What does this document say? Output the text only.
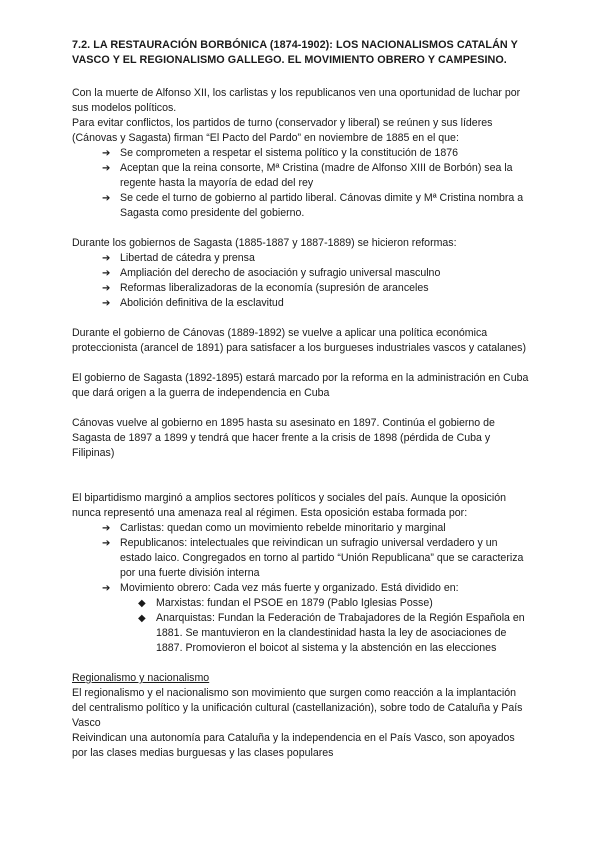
7.2. LA RESTAURACIÓN BORBÓNICA (1874-1902): LOS NACIONALISMOS CATALÁN Y VASCO Y EL REGIONALISMO GALLEGO. EL MOVIMIENTO OBRERO Y CAMPESINO.

Con la muerte de Alfonso XII, los carlistas y los republicanos ven una oportunidad de luchar por sus modelos políticos.

Para evitar conflictos, los partidos de turno (conservador y liberal) se reúnen y sus líderes (Cánovas y Sagasta) firman “El Pacto del Pardo” en noviembre de 1885 en el que:

➔ Se comprometen a respetar el sistema político y la constitución de 1876
➔ Aceptan que la reina consorte, Mª Cristina (madre de Alfonso XIII de Borbón) sea la regente hasta la mayoría de edad del rey
➔ Se cede el turno de gobierno al partido liberal. Cánovas dimite y Mª Cristina nombra a Sagasta como presidente del gobierno.

Durante los gobiernos de Sagasta (1885-1887 y 1887-1889) se hicieron reformas:

➔ Libertad de cátedra y prensa
➔ Ampliación del derecho de asociación y sufragio universal masculno
➔ Reformas liberalizadoras de la economía (supresión de aranceles
➔ Abolición definitiva de la esclavitud

Durante el gobierno de Cánovas (1889-1892) se vuelve a aplicar una política económica proteccionista (arancel de 1891) para satisfacer a los burgueses industriales vascos y catalanes)

El gobierno de Sagasta (1892-1895) estará marcado por la reforma en la administración en Cuba que dará origen a la guerra de independencia en Cuba

Cánovas vuelve al gobierno en 1895 hasta su asesinato en 1897. Continúa el gobierno de Sagasta de 1897 a 1899 y tendrá que hacer frente a la crisis de 1898 (pérdida de Cuba y Filipinas)

El bipartidismo marginó a amplios sectores políticos y sociales del país. Aunque la oposición nunca representó una amenaza real al régimen. Esta oposición estaba formada por:

➔ Carlistas: quedan como un movimiento rebelde minoritario y marginal
➔ Republicanos: intelectuales que reivindican un sufragio universal verdadero y un estado laico. Congregados en torno al partido “Unión Republicana” que se caracteriza por una fuerte división interna
➔ Movimiento obrero: Cada vez más fuerte y organizado. Está dividido en:
◆ Marxistas: fundan el PSOE en 1879 (Pablo Iglesias Posse)
◆ Anarquistas: Fundan la Federación de Trabajadores de la Región Española en 1881. Se mantuvieron en la clandestinidad hasta la ley de asociaciones de 1887. Promovieron el boicot al sistema y la abstención en las elecciones

Regionalismo y nacionalismo

El regionalismo y el nacionalismo son movimiento que surgen como reacción a la implantación del centralismo político y la unificación cultural (castellanización), sobre todo de Cataluña y País Vasco

Reivindican una autonomía para Cataluña y la independencia en el País Vasco, son apoyados por las clases medias burguesas y las clases populares
